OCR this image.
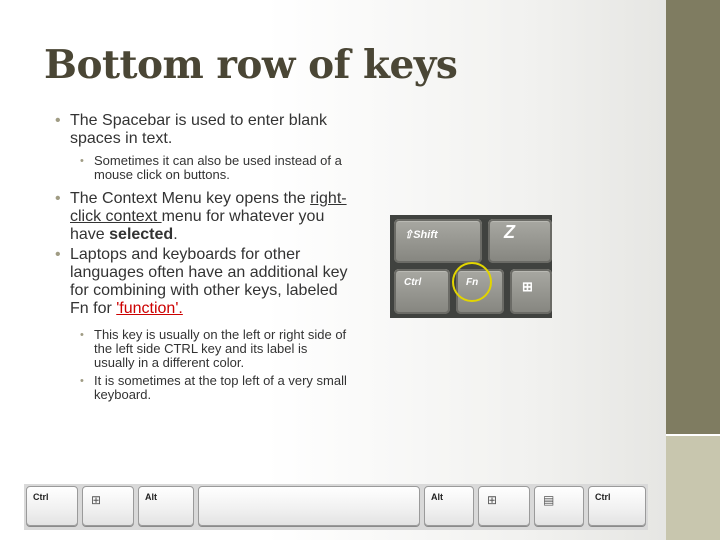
Bottom row of keys
• The Spacebar is used to enter blank spaces in text.
• Sometimes it can also be used instead of a mouse click on buttons.
• The Context Menu key opens the right-click context menu for whatever you have selected.
• Laptops and keyboards for other languages often have an additional key for combining with other keys, labeled Fn for 'function'.
• This key is usually on the left or right side of the left side CTRL key and its label is usually in a different color.
• It is sometimes at the top left of a very small keyboard.
⇧Shift	Z
Ctrl	Fn	⊞
Ctrl	⊞	Alt	Alt	⊞	▤	Ctrl
